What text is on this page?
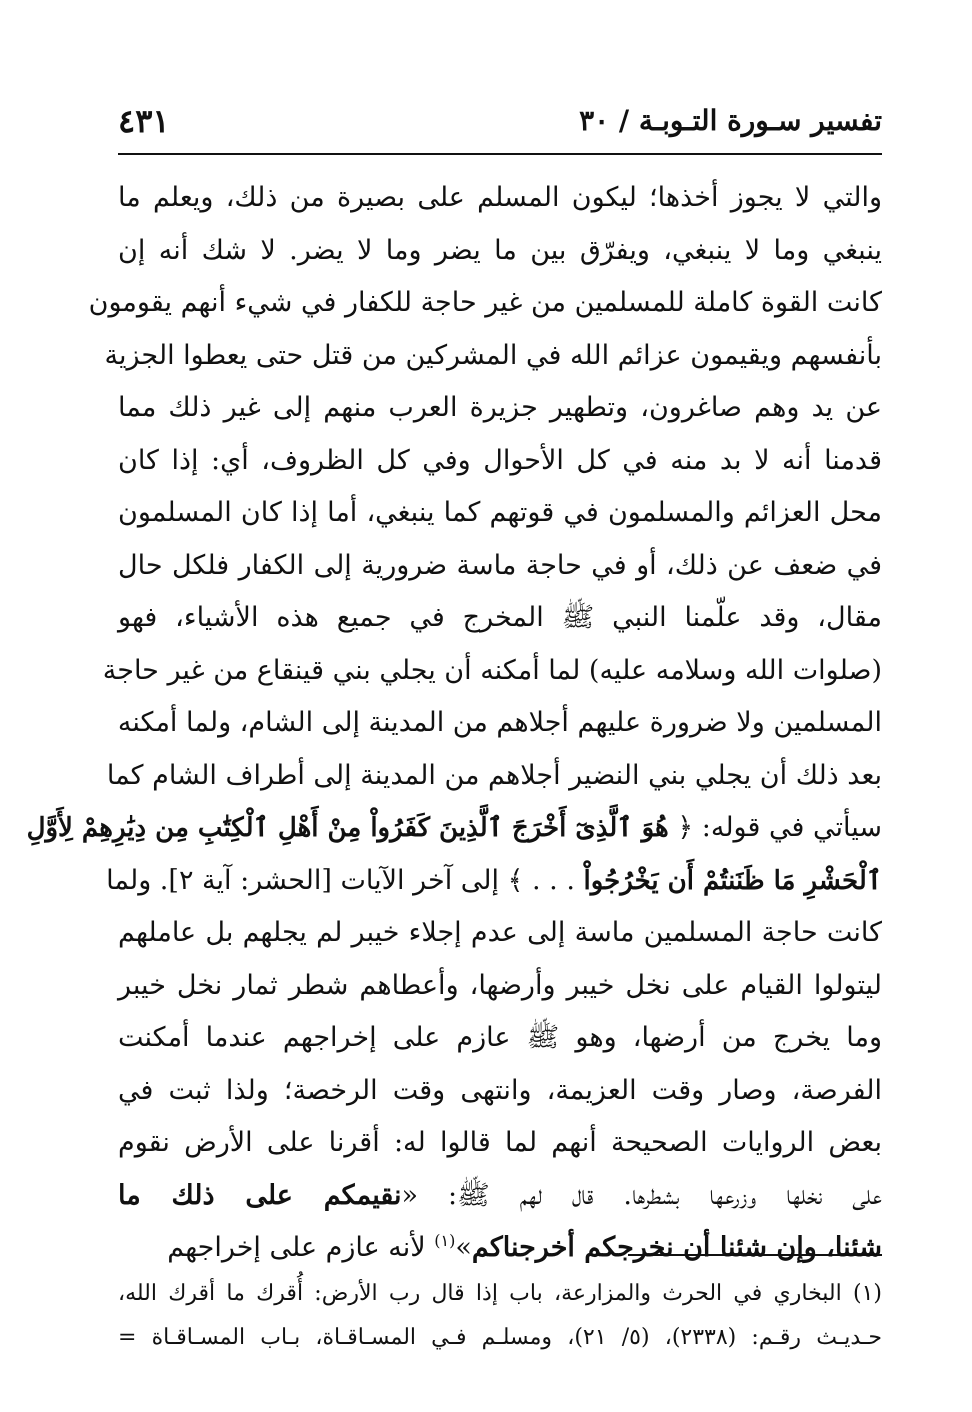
تفسير سـورة التـوبـة / ٣٠
٤٣١
والتي لا يجوز أخذها؛ ليكون المسلم على بصيرة من ذلك، ويعلم ما
ينبغي وما لا ينبغي، ويفرّق بين ما يضر وما لا يضر. لا شك أنه إن
كانت القوة كاملة للمسلمين من غير حاجة للكفار في شيء أنهم يقومون
بأنفسهم ويقيمون عزائم الله في المشركين من قتل حتى يعطوا الجزية
عن يد وهم صاغرون، وتطهير جزيرة العرب منهم إلى غير ذلك مما
قدمنا أنه لا بد منه في كل الأحوال وفي كل الظروف، أي: إذا كان
محل العزائم والمسلمون في قوتهم كما ينبغي، أما إذا كان المسلمون
في ضعف عن ذلك، أو في حاجة ماسة ضرورية إلى الكفار فلكل حال
مقال، وقد علّمنا النبي ﷺ المخرج في جميع هذه الأشياء، فهو
(صلوات الله وسلامه عليه) لما أمكنه أن يجلي بني قينقاع من غير حاجة
المسلمين ولا ضرورة عليهم أجلاهم من المدينة إلى الشام، ولما أمكنه
بعد ذلك أن يجلي بني النضير أجلاهم من المدينة إلى أطراف الشام كما
سيأتي في قوله: ﴿ هُوَ ٱلَّذِىٓ أَخْرَجَ ٱلَّذِينَ كَفَرُواْ مِنْ أَهْلِ ٱلْكِتَٰبِ مِن دِيَٰرِهِمْ لِأَوَّلِ
ٱلْحَشْرِ مَا ظَنَنتُمْ أَن يَخْرُجُواْ . . . ﴾ إلى آخر الآيات [الحشر: آية ٢]. ولما
كانت حاجة المسلمين ماسة إلى عدم إجلاء خيبر لم يجلهم بل عاملهم
ليتولوا القيام على نخل خيبر وأرضها، وأعطاهم شطر ثمار نخل خيبر
وما يخرج من أرضها، وهو ﷺ عازم على إخراجهم عندما أمكنت
الفرصة، وصار وقت العزيمة، وانتهى وقت الرخصة؛ ولذا ثبت في
بعض الروايات الصحيحة أنهم لما قالوا له: أقرنا على الأرض نقوم
على نخلها وزرعها بشطرها. قال لهم ﷺ: «نقيمكم على ذلك ما
شئنا، وإن شئنا أن نخرجكم أخرجناكم»$^{(١)}$ لأنه عازم على إخراجهم
(١) البخاري في الحرث والمزارعة، باب إذا قال رب الأرض: أُقرك ما أقرك الله،
حـديـث رقـم: (٢٣٣٨)، (٥/ ٢١)، ومسلـم فـي المسـاقـاة، بـاب المسـاقـاة =
